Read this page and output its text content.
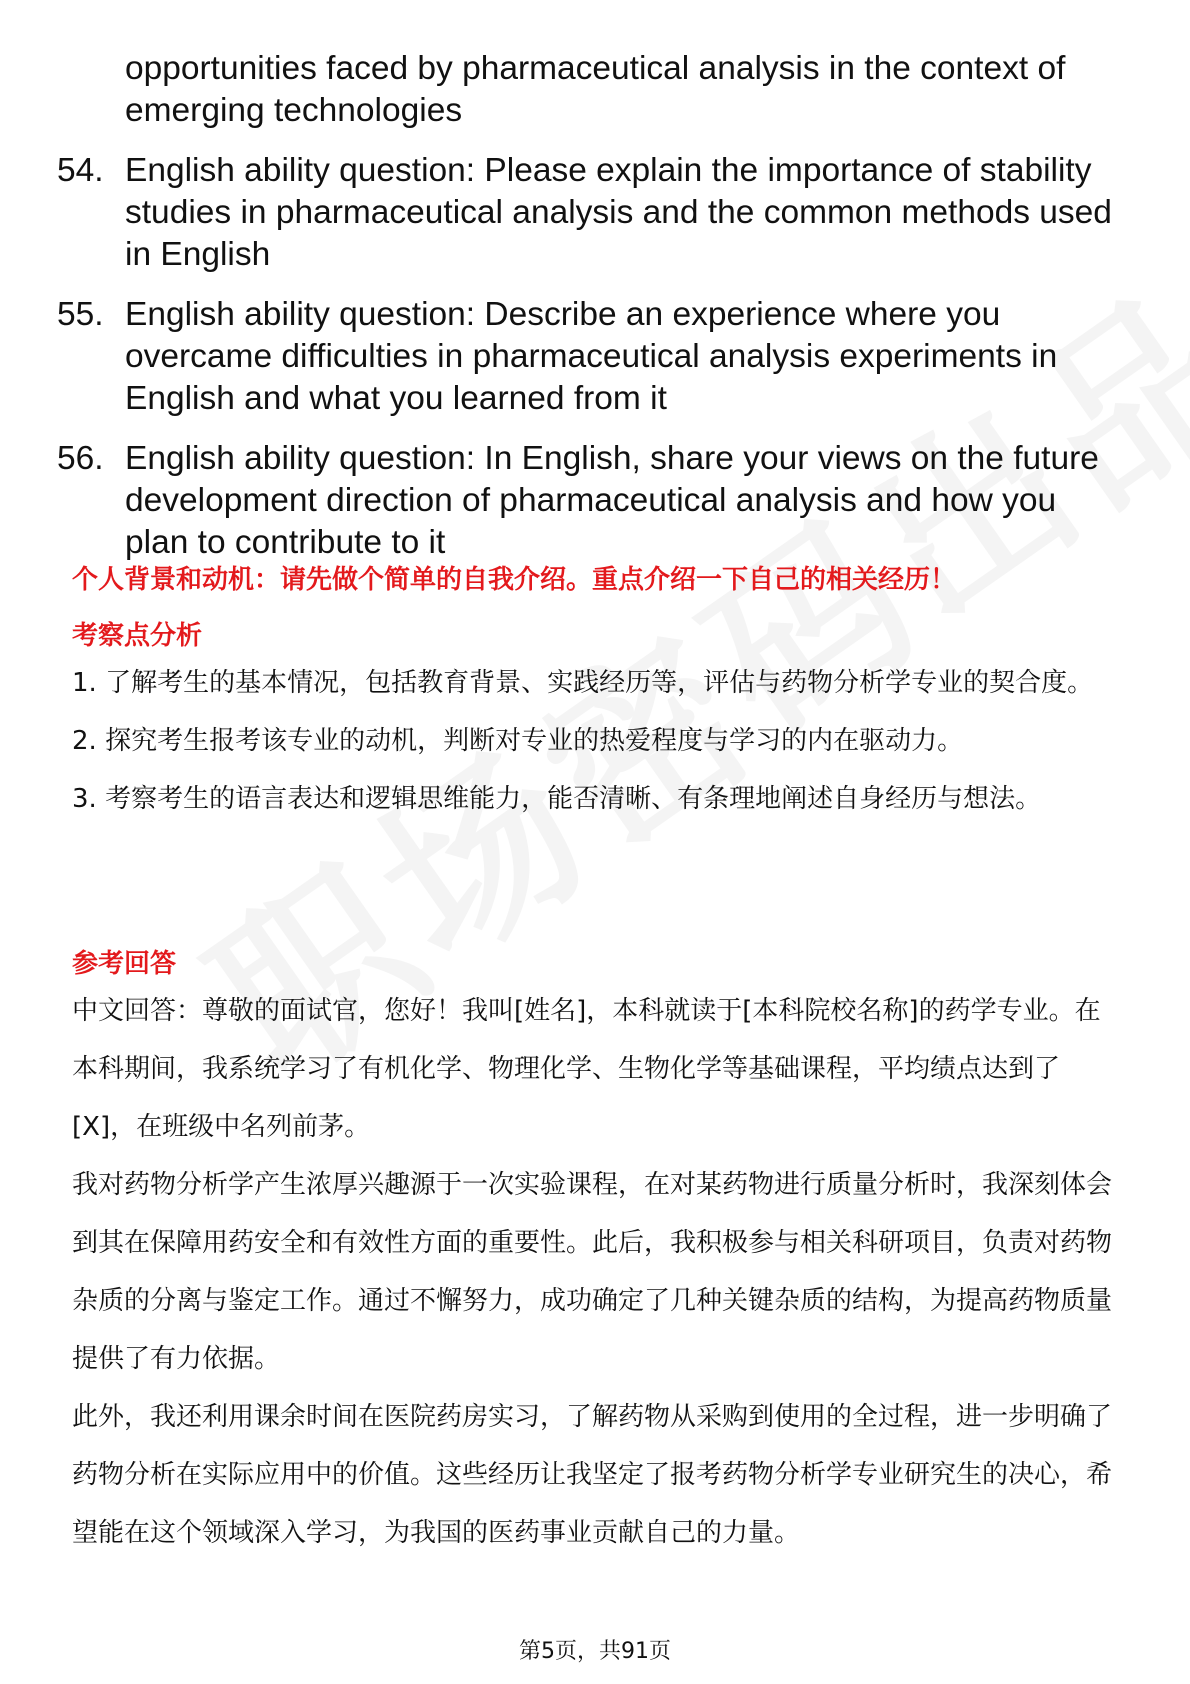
opportunities faced by pharmaceutical analysis in the context of emerging technologies
54. English ability question: Please explain the importance of stability studies in pharmaceutical analysis and the common methods used in English
55. English ability question: Describe an experience where you overcame difficulties in pharmaceutical analysis experiments in English and what you learned from it
56. English ability question: In English, share your views on the future development direction of pharmaceutical analysis and how you plan to contribute to it
个人背景和动机：请先做个简单的自我介绍。重点介绍一下自己的相关经历！
考察点分析
1. 了解考生的基本情况，包括教育背景、实践经历等，评估与药物分析学专业的契合度。
2. 探究考生报考该专业的动机，判断对专业的热爱程度与学习的内在驱动力。
3. 考察考生的语言表达和逻辑思维能力，能否清晰、有条理地阐述自身经历与想法。
参考回答
中文回答：尊敬的面试官，您好！我叫[姓名]，本科就读于[本科院校名称]的药学专业。在本科期间，我系统学习了有机化学、物理化学、生物化学等基础课程，平均绩点达到了[X]，在班级中名列前茅。
我对药物分析学产生浓厚兴趣源于一次实验课程，在对某药物进行质量分析时，我深刻体会到其在保障用药安全和有效性方面的重要性。此后，我积极参与相关科研项目，负责对药物杂质的分离与鉴定工作。通过不懈努力，成功确定了几种关键杂质的结构，为提高药物质量提供了有力依据。
此外，我还利用课余时间在医院药房实习，了解药物从采购到使用的全过程，进一步明确了药物分析在实际应用中的价值。这些经历让我坚定了报考药物分析学专业研究生的决心，希望能在这个领域深入学习，为我国的医药事业贡献自己的力量。
第5页，共91页
